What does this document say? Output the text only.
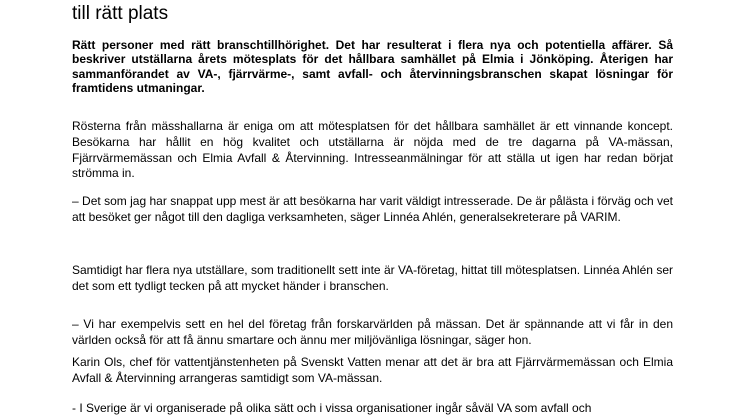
till rätt plats
Rätt personer med rätt branschtillhörighet. Det har resulterat i flera nya och potentiella affärer. Så beskriver utställarna årets mötesplats för det hållbara samhället på Elmia i Jönköping. Återigen har sammanförandet av VA-, fjärrvärme-, samt avfall- och återvinningsbranschen skapat lösningar för framtidens utmaningar.

Rösterna från mässhallarna är eniga om att mötesplatsen för det hållbara samhället är ett vinnande koncept. Besökarna har hållit en hög kvalitet och utställarna är nöjda med de tre dagarna på VA-mässan, Fjärrvärmemässan och Elmia Avfall & Återvinning. Intresseanmälningar för att ställa ut igen har redan börjat strömma in.

– Det som jag har snappat upp mest är att besökarna har varit väldigt intresserade. De är pålästa i förväg och vet att besöket ger något till den dagliga verksamheten, säger Linnéa Ahlén, generalsekreterare på VARIM.

Samtidigt har flera nya utställare, som traditionellt sett inte är VA-företag, hittat till mötesplatsen. Linnéa Ahlén ser det som ett tydligt tecken på att mycket händer i branschen.

– Vi har exempelvis sett en hel del företag från forskarvärlden på mässan. Det är spännande att vi får in den världen också för att få ännu smartare och ännu mer miljövänliga lösningar, säger hon.

Karin Ols, chef för vattentjänstenheten på Svenskt Vatten menar att det är bra att Fjärrvärmemässan och Elmia Avfall & Återvinning arrangeras samtidigt som VA-mässan.

- I Sverige är vi organiserade på olika sätt och i vissa organisationer ingår såväl VA som avfall och
